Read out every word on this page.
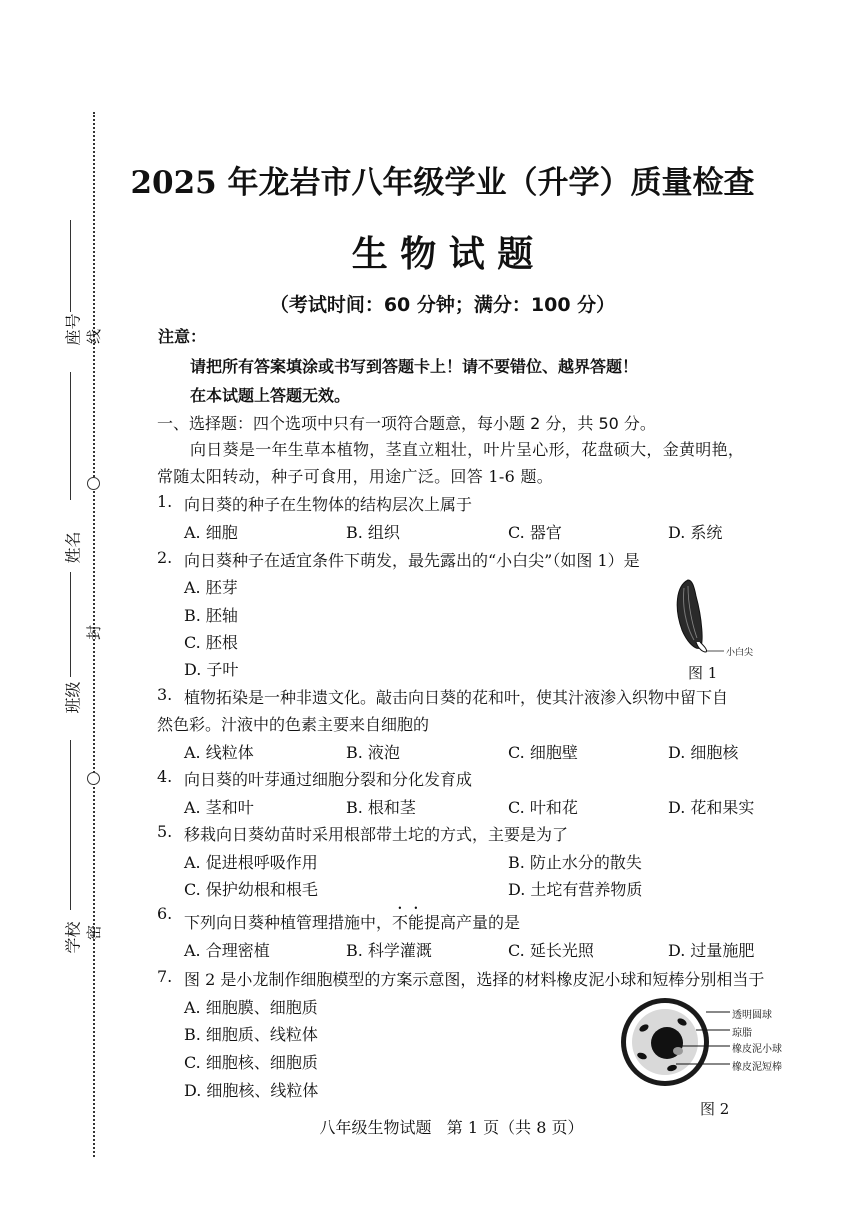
座号
姓名
班级
学校
线
封
密
2025 年龙岩市八年级学业（升学）质量检查
生 物 试 题
（考试时间：60 分钟；满分：100 分）
注意：
请把所有答案填涂或书写到答题卡上！请不要错位、越界答题！
在本试题上答题无效。
一、选择题：四个选项中只有一项符合题意，每小题 2 分，共 50 分。
向日葵是一年生草本植物，茎直立粗壮，叶片呈心形，花盘硕大，金黄明艳，
常随太阳转动，种子可食用，用途广泛。回答 1-6 题。
1. 向日葵的种子在生物体的结构层次上属于
A. 细胞	B. 组织	C. 器官	D. 系统
2. 向日葵种子在适宜条件下萌发，最先露出的“小白尖”（如图 1）是
A. 胚芽
B. 胚轴
C. 胚根
D. 子叶
小白尖
图 1
3. 植物拓染是一种非遗文化。敲击向日葵的花和叶，使其汁液渗入织物中留下自
然色彩。汁液中的色素主要来自细胞的
A. 线粒体	B. 液泡	C. 细胞壁	D. 细胞核
4. 向日葵的叶芽通过细胞分裂和分化发育成
A. 茎和叶	B. 根和茎	C. 叶和花	D. 花和果实
5. 移栽向日葵幼苗时采用根部带土坨的方式，主要是为了
A. 促进根呼吸作用	B. 防止水分的散失
C. 保护幼根和根毛	D. 土坨有营养物质
6. 下列向日葵种植管理措施中，不能提高产量的是
A. 合理密植	B. 科学灌溉	C. 延长光照	D. 过量施肥
7. 图 2 是小龙制作细胞模型的方案示意图，选择的材料橡皮泥小球和短棒分别相当于
A. 细胞膜、细胞质
B. 细胞质、线粒体
C. 细胞核、细胞质
D. 细胞核、线粒体
透明圆球
琼脂
橡皮泥小球
橡皮泥短棒
图 2
八年级生物试题   第 1 页（共 8 页）
